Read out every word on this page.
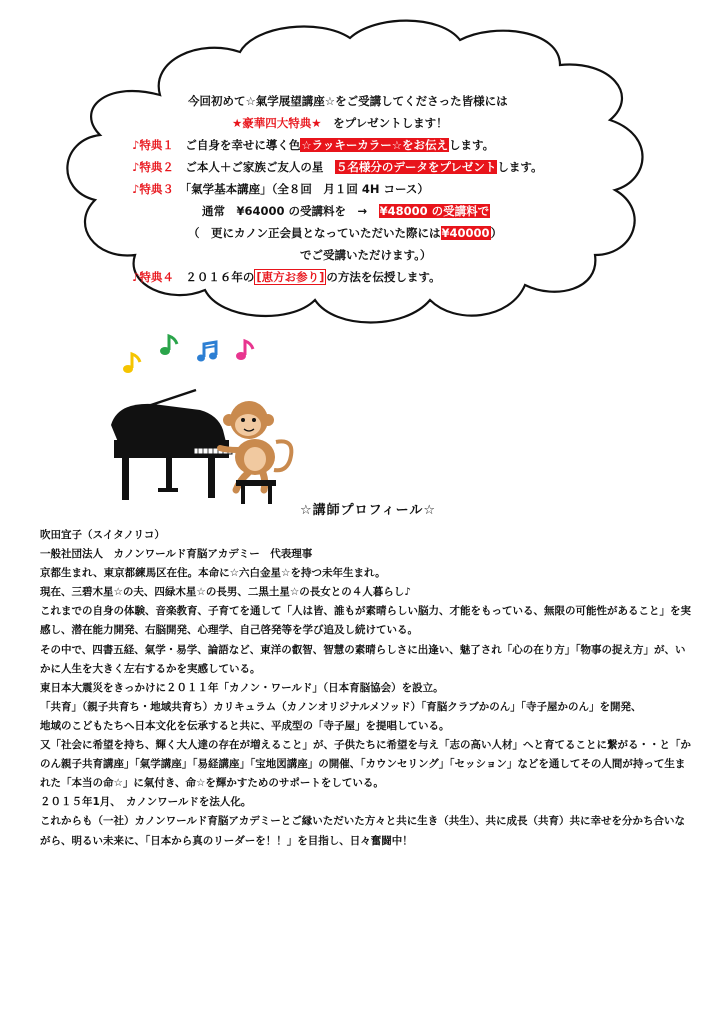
今回初めて☆氣学展望講座☆をご受講してくださった皆様には
★豪華四大特典★　をプレゼントします！
♪特典１　ご自身を幸せに導く色☆ラッキーカラー☆をお伝えします。
♪特典２　ご本人＋ご家族ご友人の星　５名様分のデータをプレゼントします。
♪特典３　「氣学基本講座」（全８回　月１回 4H コース）
通常　¥64000 の受講料を　→　¥48000 の受講料で
（　更にカノン正会員となっていただいた際には¥40000）
でご受講いただけます。）
♪特典４　２０１６年の [恵方お参り] の方法を伝授します。
☆講師プロフィール☆

吹田宜子（スイタノリコ）

一般社団法人　カノンワールド育脳アカデミー　代表理事

京都生まれ、東京都練馬区在住。本命に☆六白金星☆を持つ未年生まれ。

現在、三碧木星☆の夫、四緑木星☆の長男、二黒土星☆の長女との４人暮らし♪

これまでの自身の体験、音楽教育、子育てを通して「人は皆、誰もが素晴らしい脳力、才能をもっている、無限の可能性があること」を実感し、潜在能力開発、右脳開発、心理学、自己啓発等を学び追及し続けている。

その中で、四書五経、氣学・易学、論語など、東洋の叡智、智慧の素晴らしさに出逢い、魅了され「心の在り方」「物事の捉え方」が、いかに人生を大きく左右するかを実感している。

東日本大震災をきっかけに２０１１年「カノン・ワールド」（日本育脳協会）を設立。

「共育」（親子共育ち・地域共育ち）カリキュラム（カノンオリジナルメソッド）「育脳クラブかのん」「寺子屋かのん」を開発、

地域のこどもたちへ日本文化を伝承すると共に、平成型の「寺子屋」を提唱している。

又「社会に希望を持ち、輝く大人達の存在が増えること」が、子供たちに希望を与え「志の高い人材」へと育てることに繋がる・・と「かのん親子共育講座」「氣学講座」「易経講座」「宝地図講座」の開催、「カウンセリング」「セッション」などを通してその人間が持って生まれた「本当の命☆」に氣付き、命☆を輝かすためのサポートをしている。

２０１５年1月、　カノンワールドを法人化。

これからも（一社）カノンワールド育脳アカデミーとご縁いただいた方々と共に生き（共生）、共に成長（共育）共に幸せを分かち合いながら、明るい未来に、「日本から真のリーダーを！！」を目指し、日々奮闘中！
